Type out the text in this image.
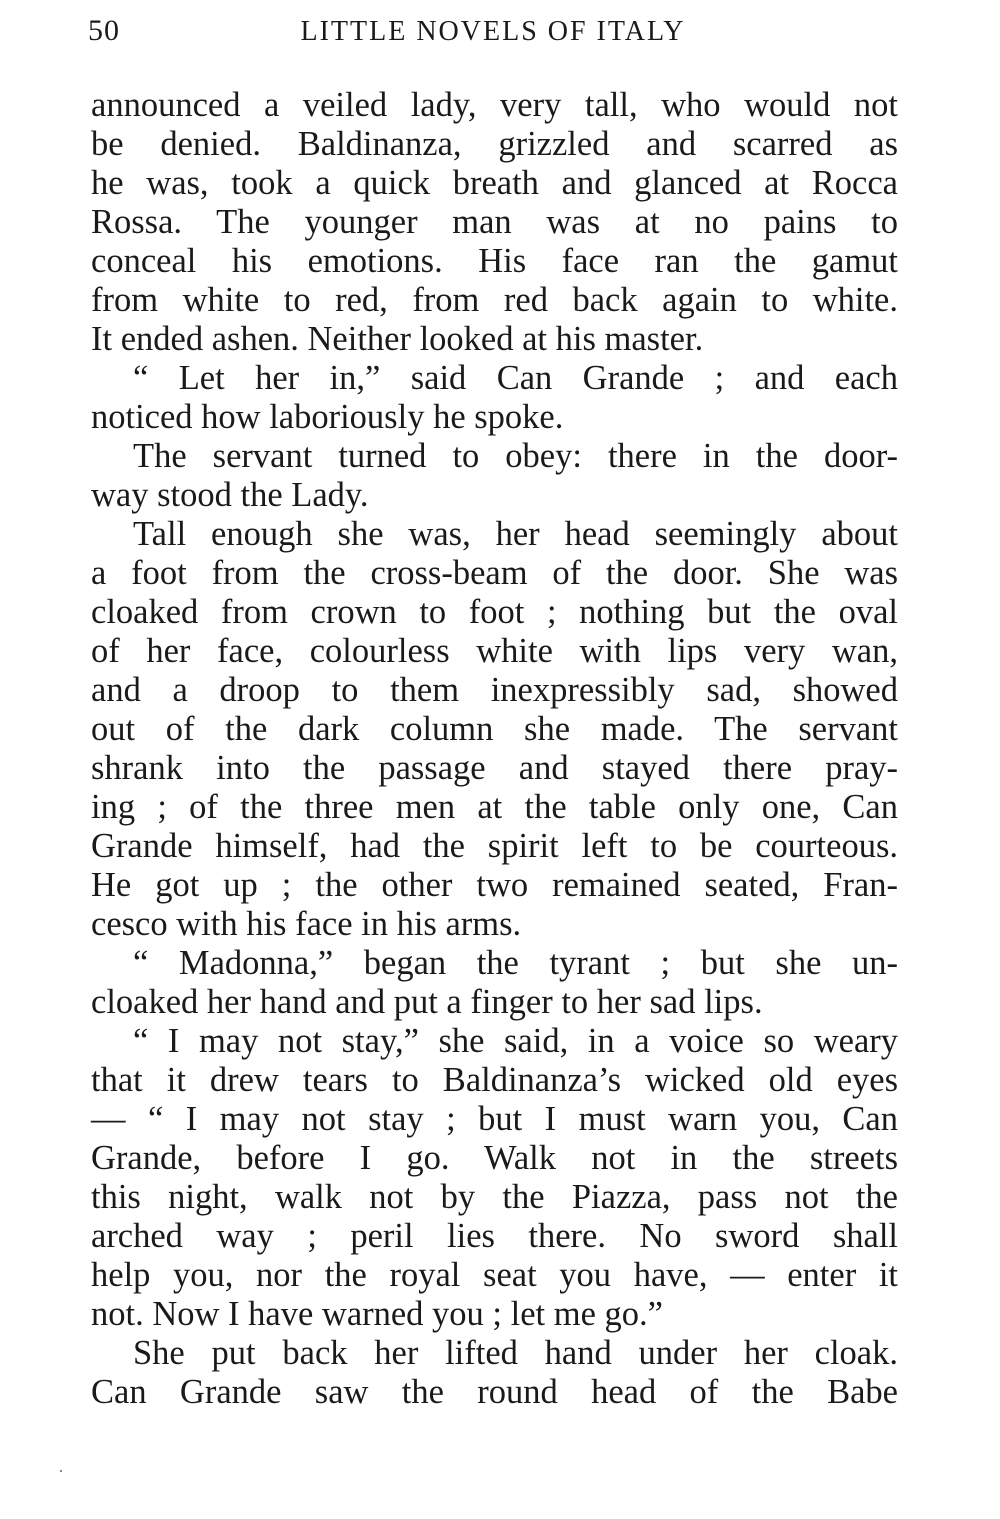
50	LITTLE NOVELS OF ITALY
announced a veiled lady, very tall, who would not
be denied. Baldinanza, grizzled and scarred as
he was, took a quick breath and glanced at Rocca
Rossa. The younger man was at no pains to
conceal his emotions. His face ran the gamut
from white to red, from red back again to white.
It ended ashen. Neither looked at his master.
“ Let her in,” said Can Grande ; and each
noticed how laboriously he spoke.
The servant turned to obey: there in the door-
way stood the Lady.
Tall enough she was, her head seemingly about
a foot from the cross-beam of the door. She was
cloaked from crown to foot ; nothing but the oval
of her face, colourless white with lips very wan,
and a droop to them inexpressibly sad, showed
out of the dark column she made. The servant
shrank into the passage and stayed there pray-
ing ; of the three men at the table only one, Can
Grande himself, had the spirit left to be courteous.
He got up ; the other two remained seated, Fran-
cesco with his face in his arms.
“ Madonna,” began the tyrant ; but she un-
cloaked her hand and put a finger to her sad lips.
“ I may not stay,” she said, in a voice so weary
that it drew tears to Baldinanza’s wicked old eyes
— “ I may not stay ; but I must warn you, Can
Grande, before I go. Walk not in the streets
this night, walk not by the Piazza, pass not the
arched way ; peril lies there. No sword shall
help you, nor the royal seat you have, — enter it
not. Now I have warned you ; let me go.”
She put back her lifted hand under her cloak.
Can Grande saw the round head of the Babe
